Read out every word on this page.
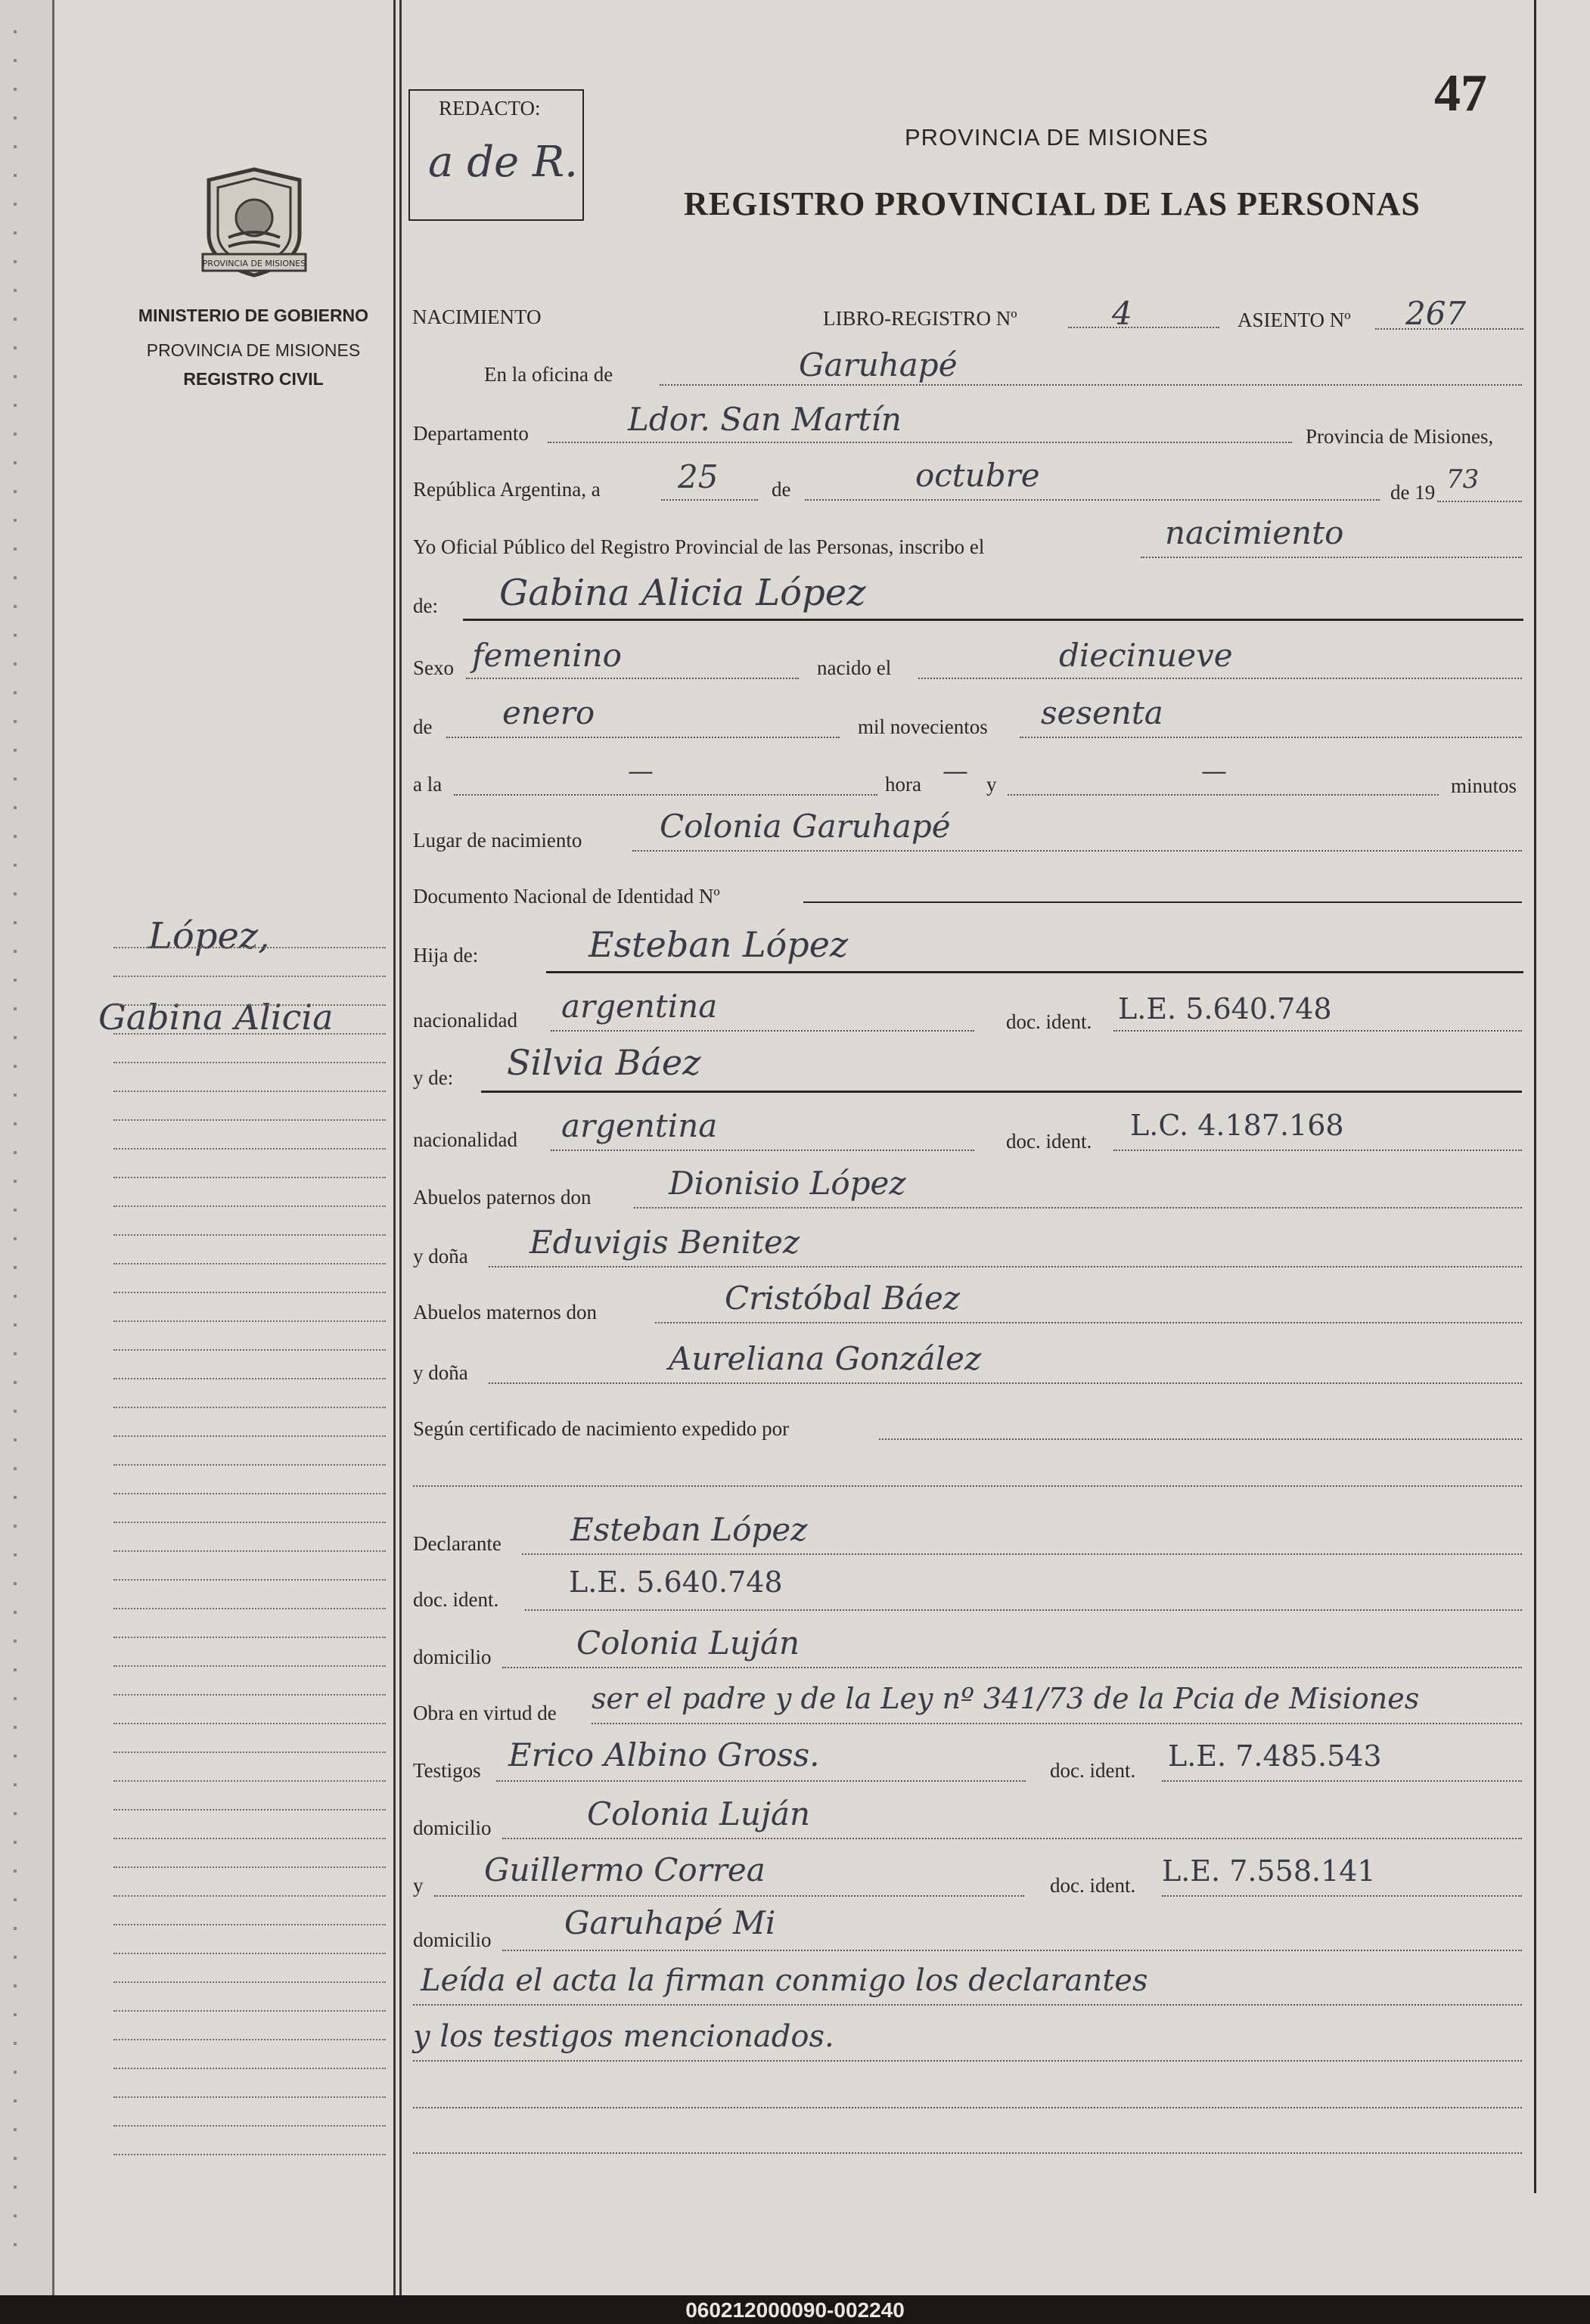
47
REDACTO:
a de R.
PROVINCIA DE MISIONES
REGISTRO PROVINCIAL DE LAS PERSONAS
PROVINCIA DE MISIONES
MINISTERIO DE GOBIERNO
PROVINCIA DE MISIONES
REGISTRO CIVIL
López,
Gabina Alicia
NACIMIENTO	LIBRO-REGISTRO Nº	4	ASIENTO Nº 267
En la oficina de	Garuhapé
Departamento	Ldor. San Martín	Provincia de Misiones,
República Argentina, a 25	de	octubre	de 19 73
Yo Oficial Público del Registro Provincial de las Personas, inscribo el	nacimiento
de: Gabina Alicia López
Sexo femenino	nacido el	diecinueve
de enero	mil novecientos sesenta
a la	—	hora — y	—	minutos
Lugar de nacimiento Colonia Garuhapé
Documento Nacional de Identidad Nº
Hija de:	Esteban López
nacionalidad argentina	doc. ident. L.E. 5.640.748
y de: Silvia Báez
nacionalidad argentina	doc. ident. L.C. 4.187.168
Abuelos paternos don Dionisio López
y doña Eduvigis Benitez
Abuelos maternos don	Cristóbal Báez
y doña	Aureliana González
Según certificado de nacimiento expedido por
Declarante Esteban López
doc. ident.
L.E. 5.640.748
domicilio	Colonia Luján
Obra en virtud de ser el padre y de la Ley nº 341/73 de la Pcia de Misiones
Testigos Erico Albino Gross.	doc. ident. L.E. 7.485.543
domicilio	Colonia Luján
y Guillermo Correa	doc. ident. L.E. 7.558.141
domicilio Garuhapé Mi
Leída el acta la firman conmigo los declarantes
y los testigos mencionados.
060212000090-002240
